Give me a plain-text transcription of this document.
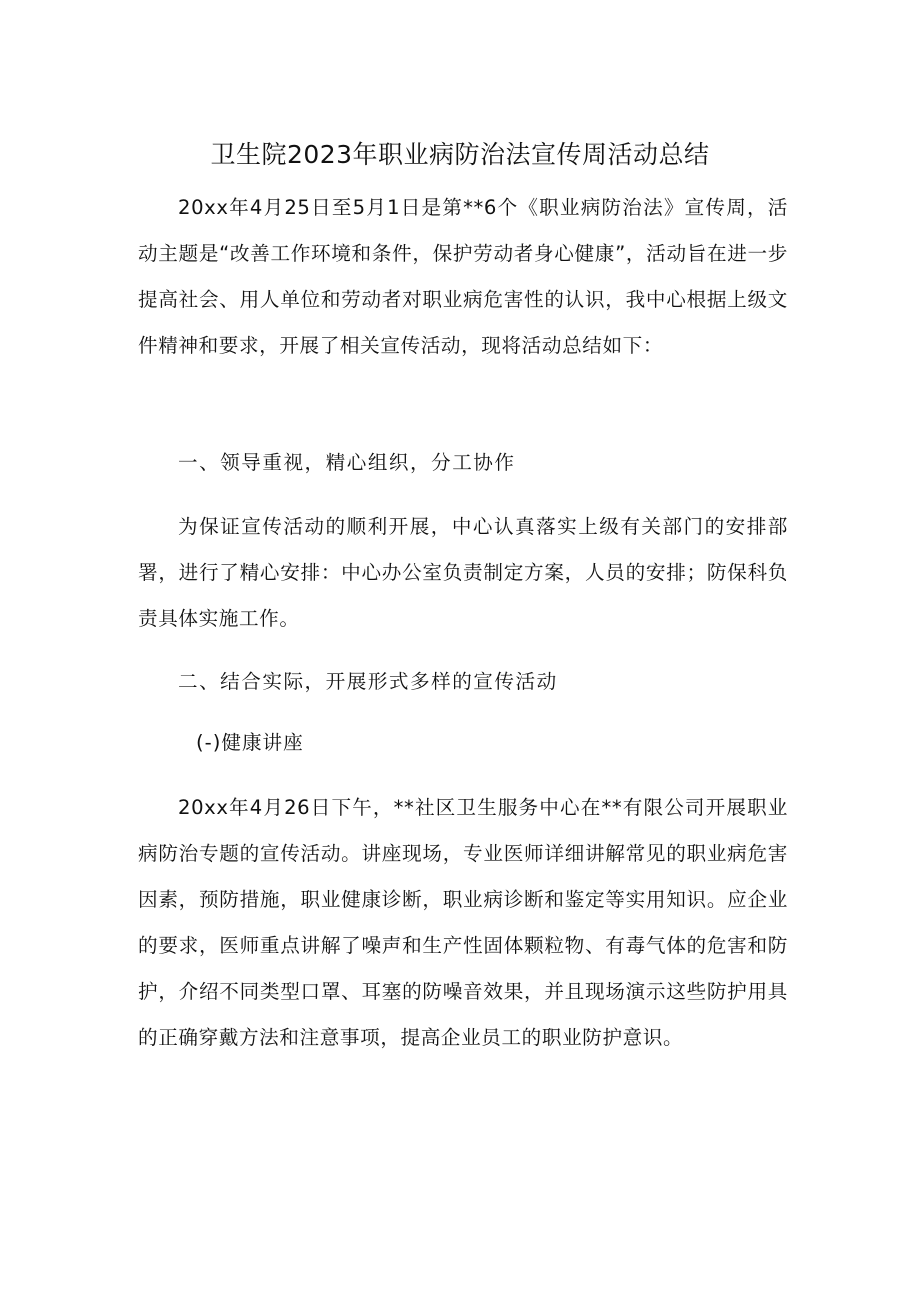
卫生院2023年职业病防治法宣传周活动总结
20xx年4月25日至5月1日是第**6个《职业病防治法》宣传周，活动主题是“改善工作环境和条件，保护劳动者身心健康”，活动旨在进一步提高社会、用人单位和劳动者对职业病危害性的认识，我中心根据上级文件精神和要求，开展了相关宣传活动，现将活动总结如下：
一、领导重视，精心组织，分工协作
为保证宣传活动的顺利开展，中心认真落实上级有关部门的安排部署，进行了精心安排：中心办公室负责制定方案，人员的安排；防保科负责具体实施工作。
二、结合实际，开展形式多样的宣传活动
(-)健康讲座
20xx年4月26日下午，**社区卫生服务中心在**有限公司开展职业病防治专题的宣传活动。讲座现场，专业医师详细讲解常见的职业病危害因素，预防措施，职业健康诊断，职业病诊断和鉴定等实用知识。应企业的要求，医师重点讲解了噪声和生产性固体颗粒物、有毒气体的危害和防护，介绍不同类型口罩、耳塞的防噪音效果，并且现场演示这些防护用具的正确穿戴方法和注意事项，提高企业员工的职业防护意识。
